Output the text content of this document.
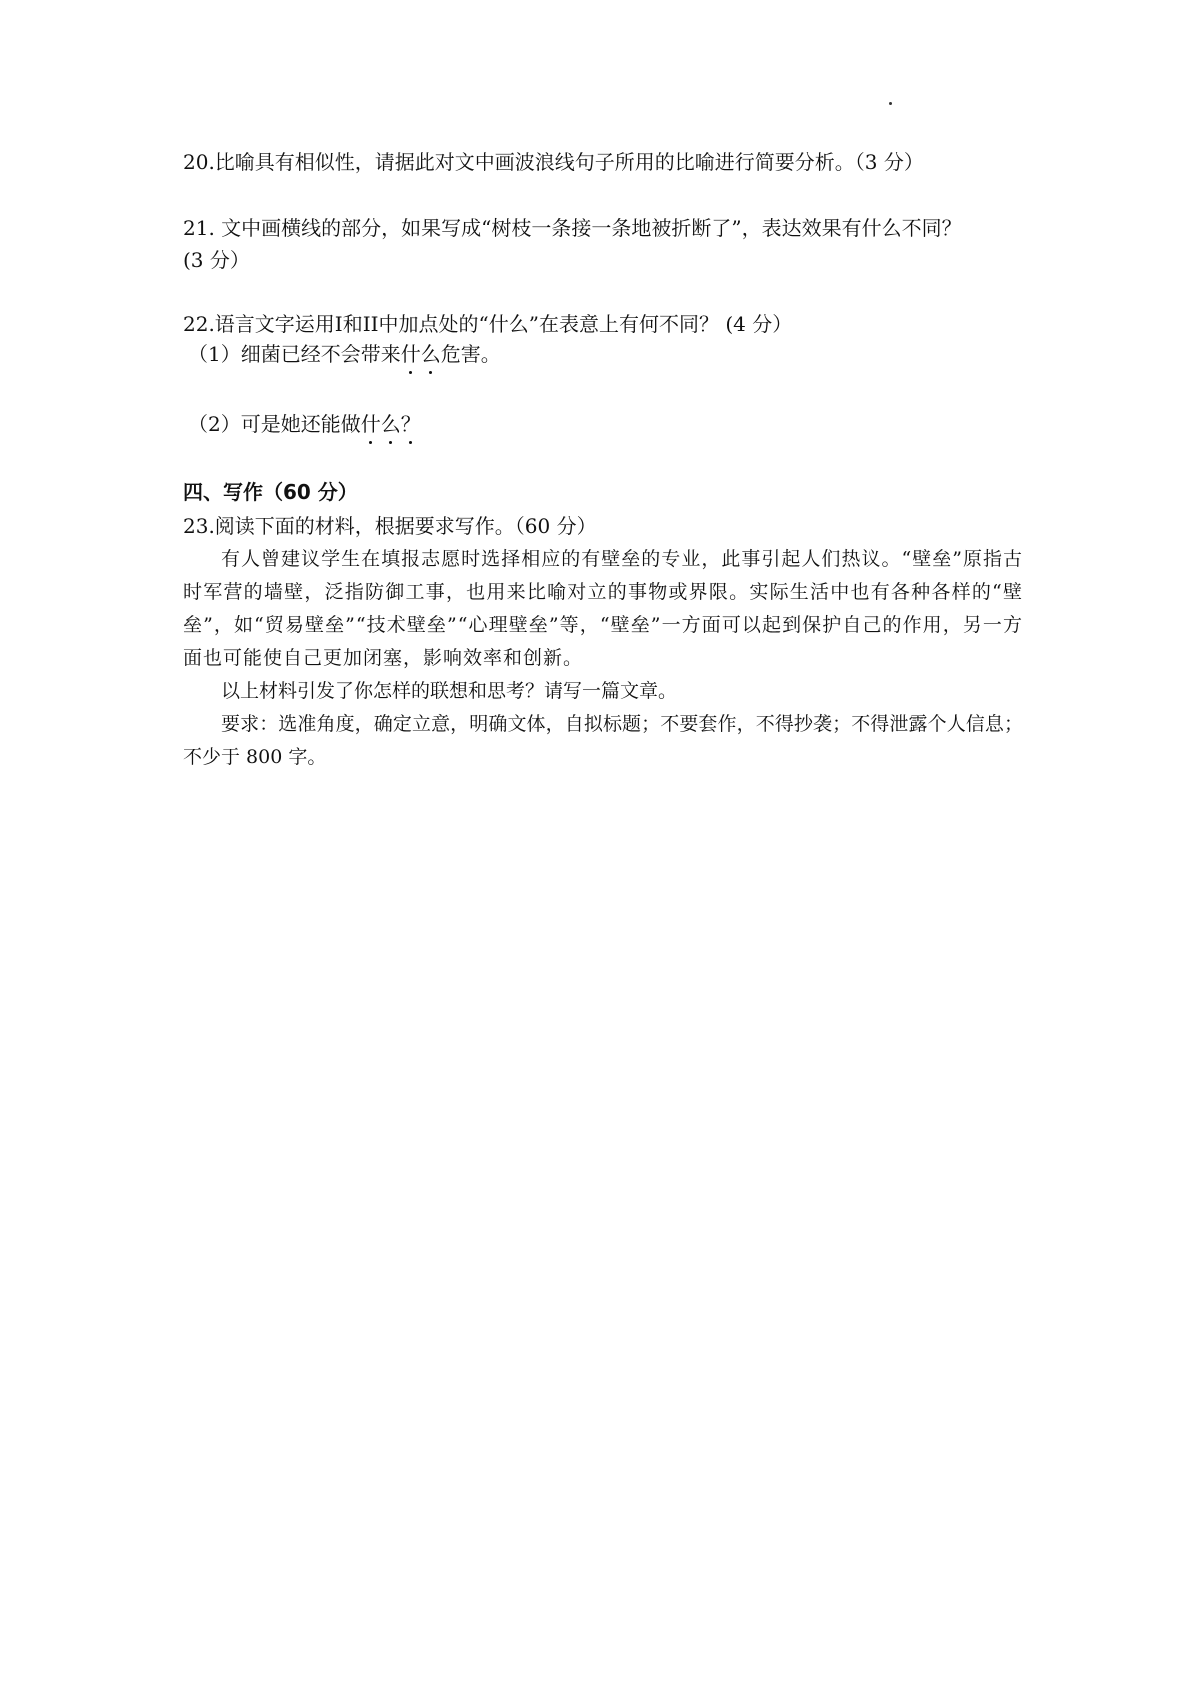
20.比喻具有相似性，请据此对文中画波浪线句子所用的比喻进行简要分析。（3 分）
21. 文中画横线的部分，如果写成“树枝一条接一条地被折断了”，表达效果有什么不同？
(3 分）
22.语言文字运用I和II中加点处的“什么”在表意上有何不同？ (4 分）
（1）细菌已经不会带来什
么
危害。
（2）可是她还能做什
么
？
四、写作（60 分）
23.阅读下面的材料，根据要求写作。（60 分）
有人曾建议学生在填报志愿时选择相应的有壁垒的专业，此事引起人们热议。“壁垒”原指古时军营的墙壁，泛指防御工事，也用来比喻对立的事物或界限。实际生活中也有各种各样的“壁垒”，如“贸易壁垒”“技术壁垒”“心理壁垒”等，“壁垒”一方面可以起到保护自己的作用，另一方面也可能使自己更加闭塞，影响效率和创新。
以上材料引发了你怎样的联想和思考？请写一篇文章。
要求：选准角度，确定立意，明确文体，自拟标题；不要套作，不得抄袭；不得泄露个人信息；不少于 800 字。
